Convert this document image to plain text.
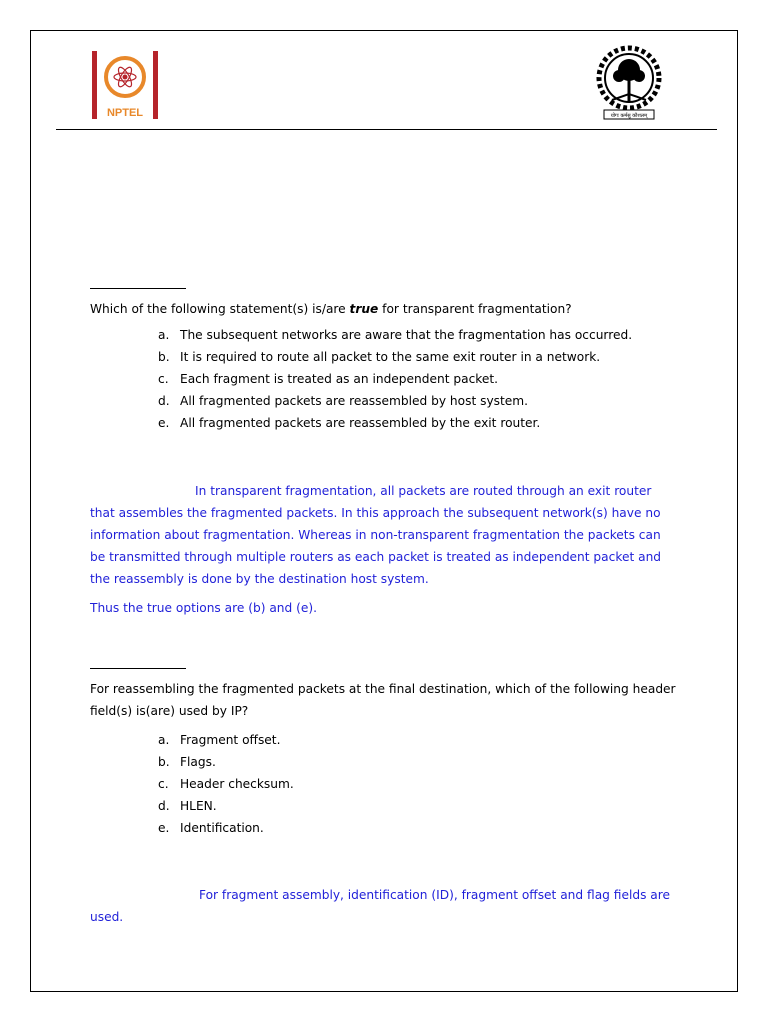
NPTEL	योगः कर्मसु कौशलम्
Which of the following statement(s) is/are true for transparent fragmentation?
a. The subsequent networks are aware that the fragmentation has occurred.
b. It is required to route all packet to the same exit router in a network.
c. Each fragment is treated as an independent packet.
d. All fragmented packets are reassembled by host system.
e. All fragmented packets are reassembled by the exit router.
In transparent fragmentation, all packets are routed through an exit router
that assembles the fragmented packets. In this approach the subsequent network(s) have no
information about fragmentation. Whereas in non-transparent fragmentation the packets can
be transmitted through multiple routers as each packet is treated as independent packet and
the reassembly is done by the destination host system.
Thus the true options are (b) and (e).
For reassembling the fragmented packets at the final destination, which of the following header
field(s) is(are) used by IP?
a. Fragment offset.
b. Flags.
c. Header checksum.
d. HLEN.
e. Identification.
For fragment assembly, identification (ID), fragment offset and flag fields are
used.
